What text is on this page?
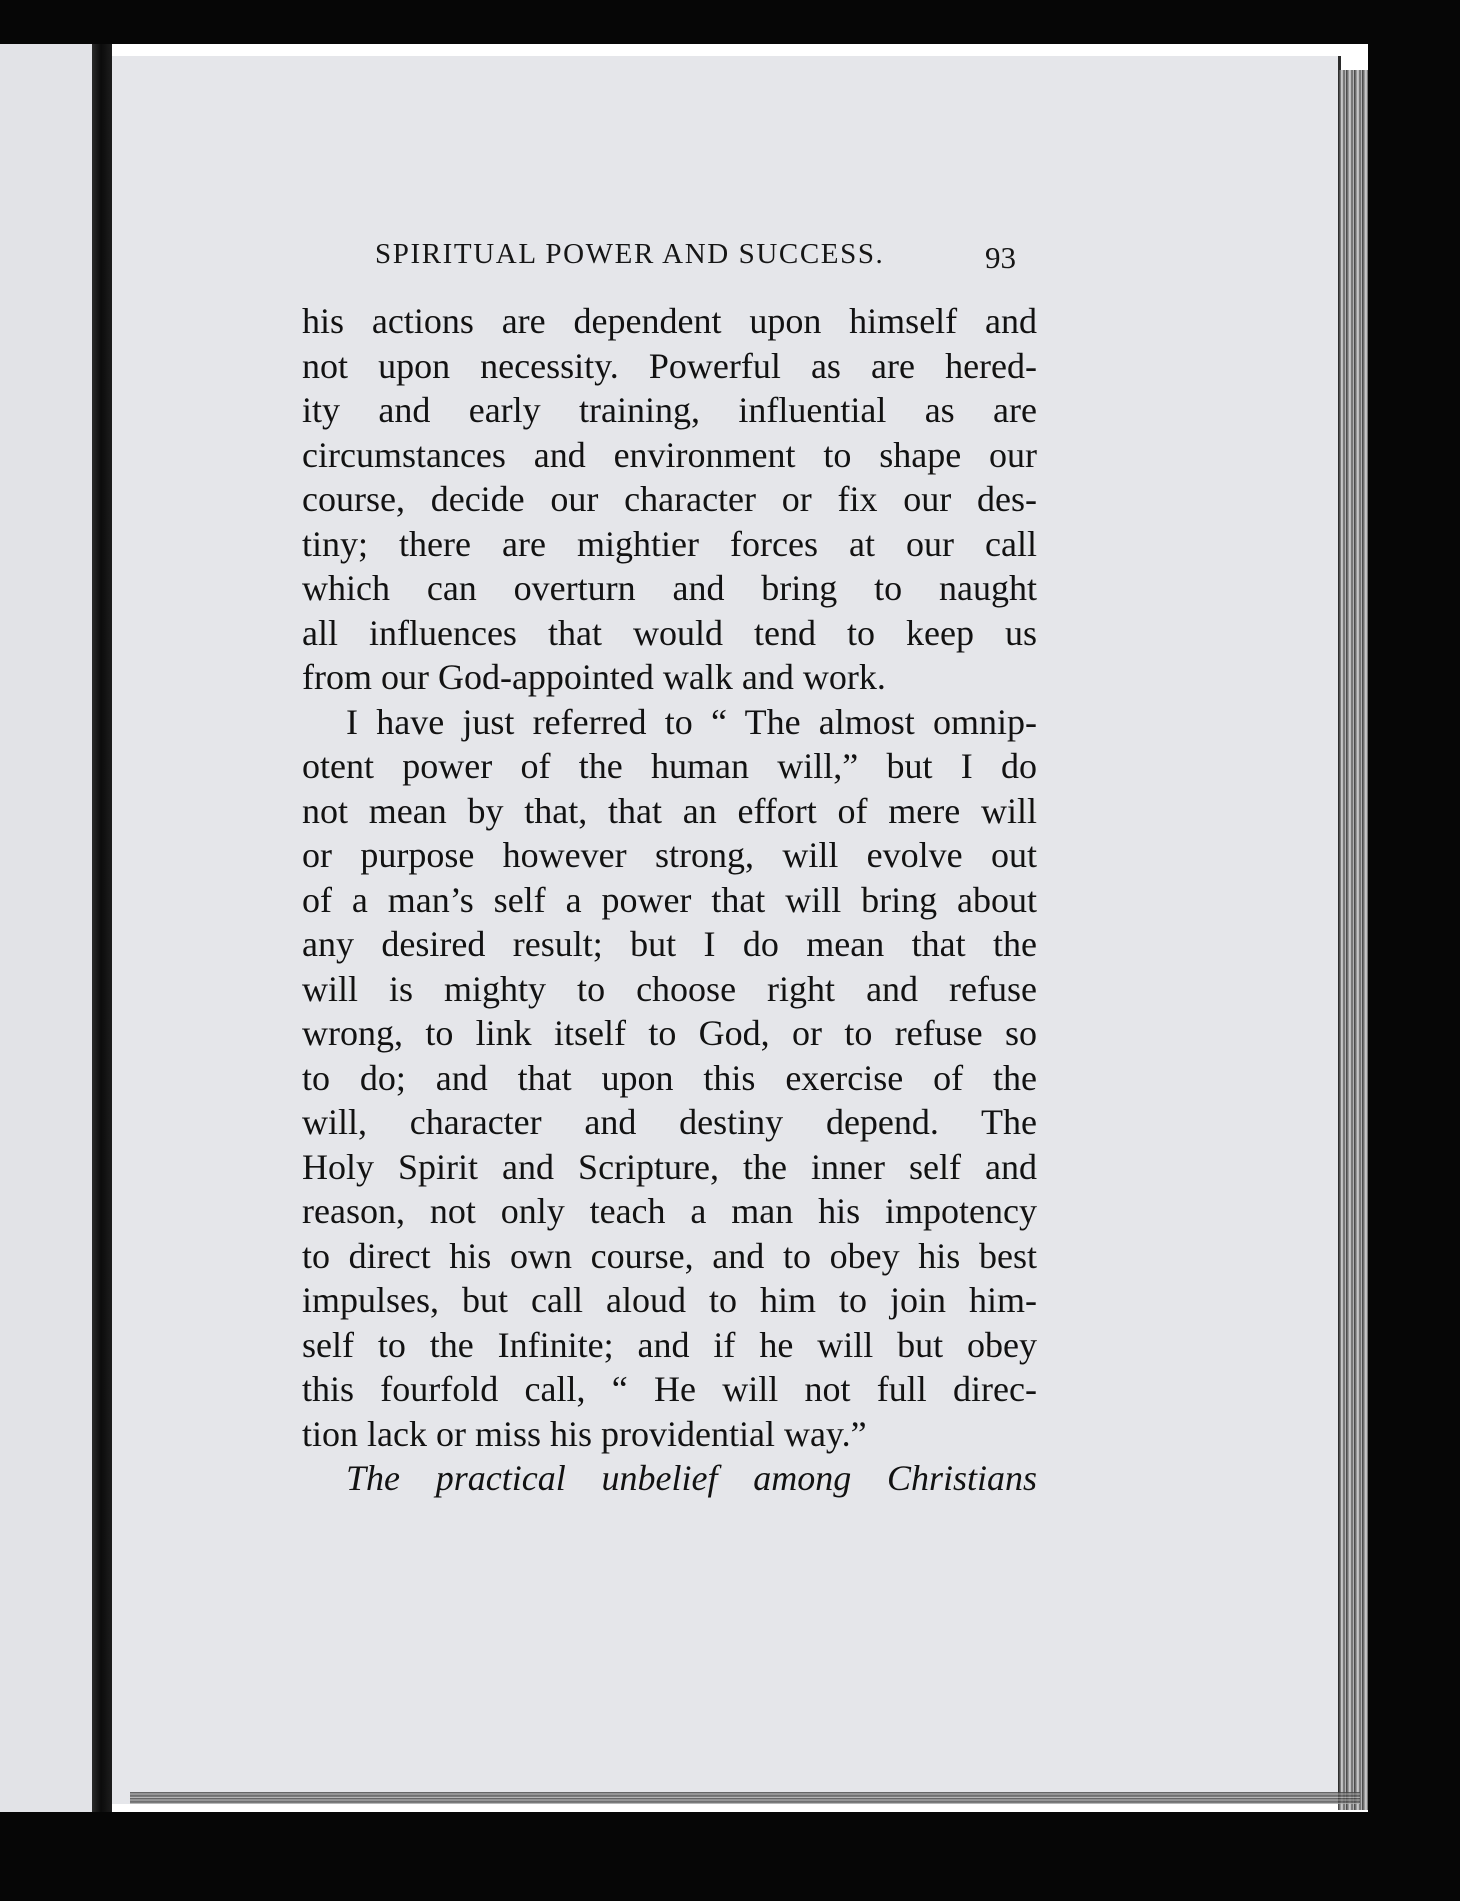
SPIRITUAL POWER AND SUCCESS.	93
his actions are dependent upon himself and
not upon necessity. Powerful as are hered-
ity and early training, influential as are
circumstances and environment to shape our
course, decide our character or fix our des-
tiny; there are mightier forces at our call
which can overturn and bring to naught
all influences that would tend to keep us
from our God-appointed walk and work.
I have just referred to “ The almost omnip-
otent power of the human will,” but I do
not mean by that, that an effort of mere will
or purpose however strong, will evolve out
of a man’s self a power that will bring about
any desired result; but I do mean that the
will is mighty to choose right and refuse
wrong, to link itself to God, or to refuse so
to do; and that upon this exercise of the
will, character and destiny depend. The
Holy Spirit and Scripture, the inner self and
reason, not only teach a man his impotency
to direct his own course, and to obey his best
impulses, but call aloud to him to join him-
self to the Infinite; and if he will but obey
this fourfold call, “ He will not full direc-
tion lack or miss his providential way.”
The practical unbelief among Christians
